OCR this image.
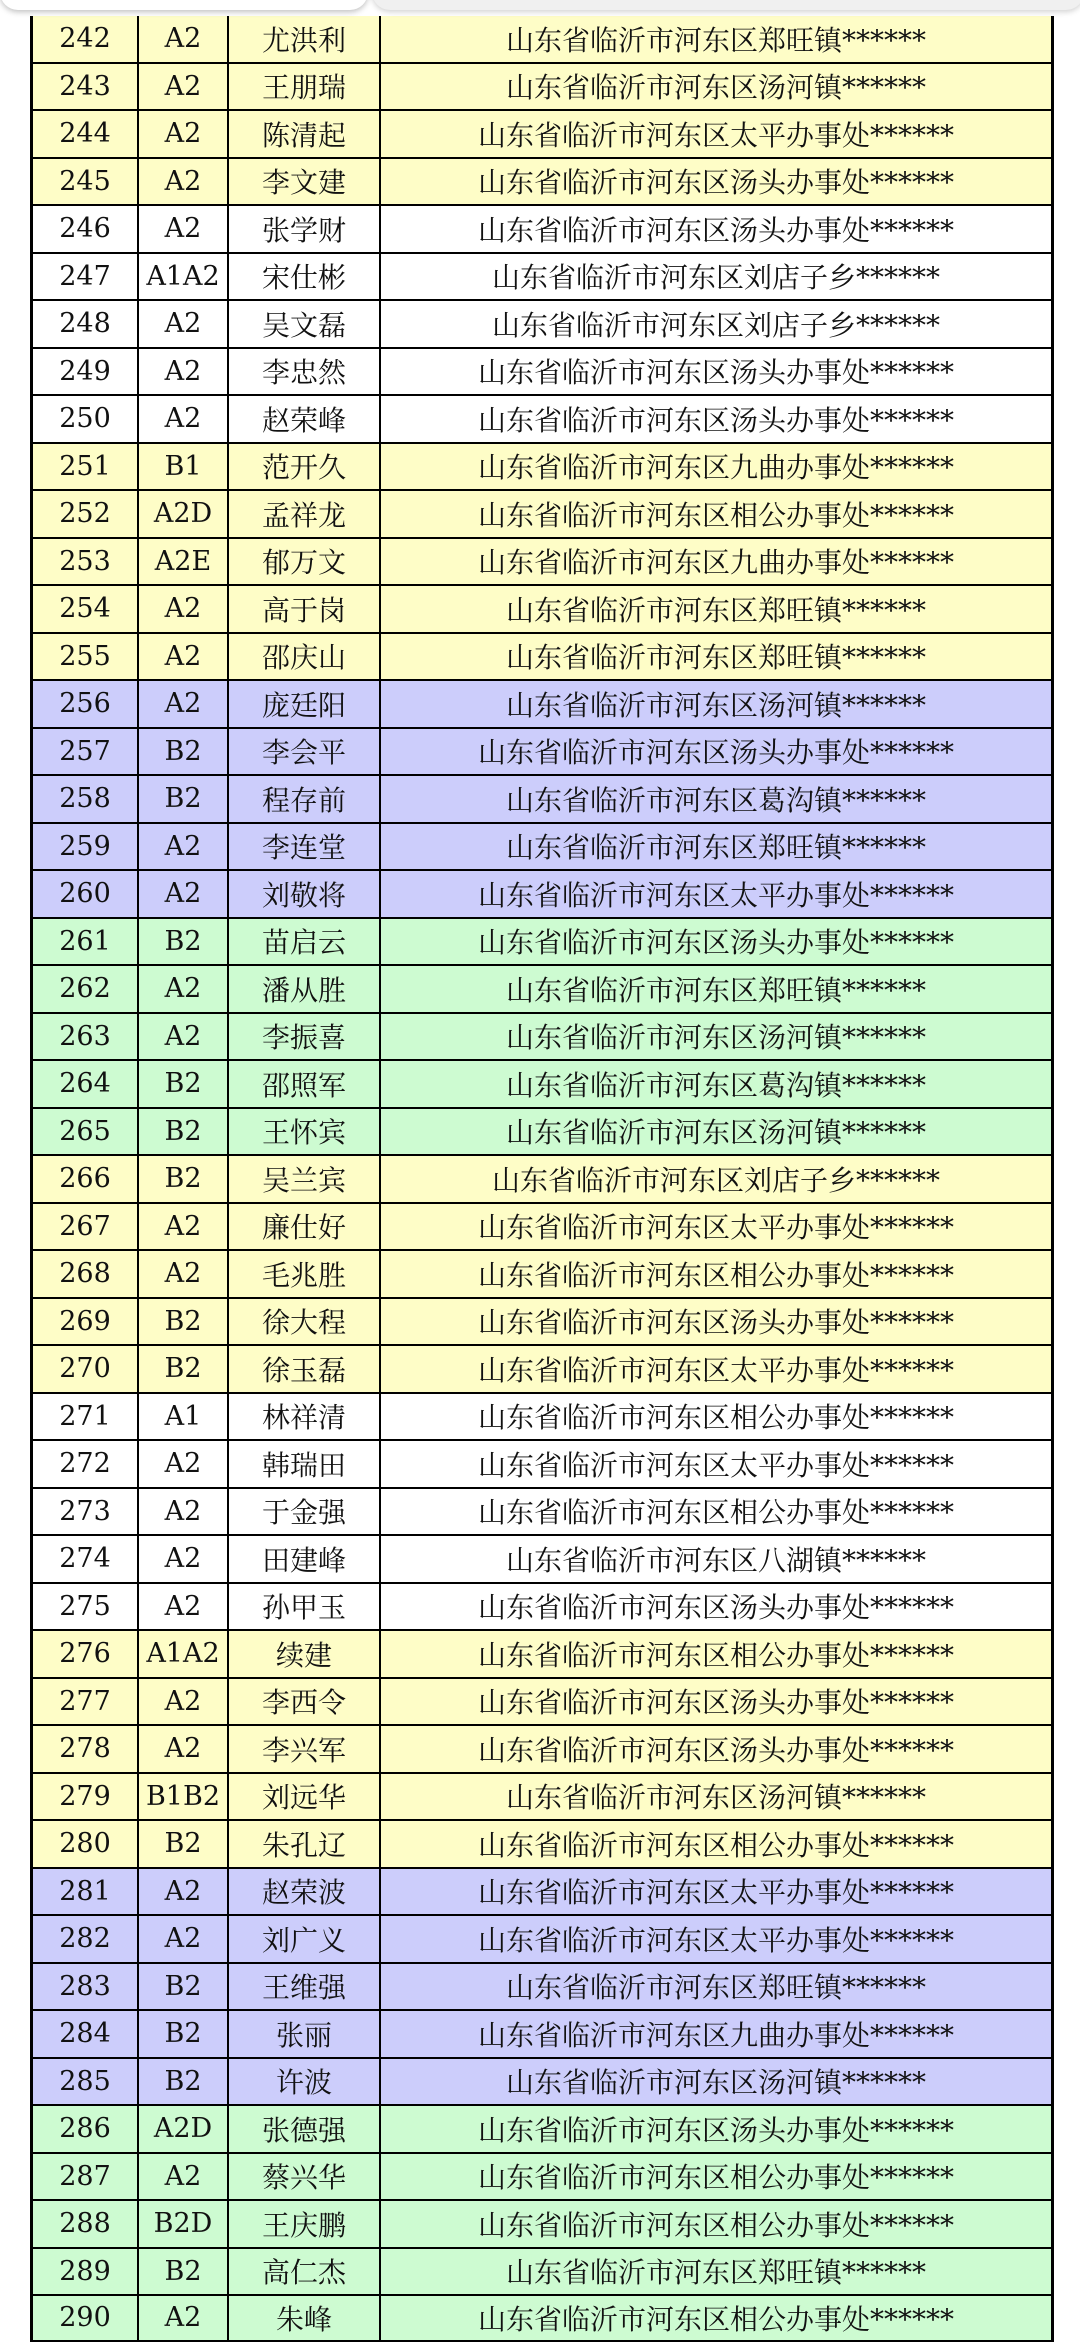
242	A2	尤洪利	山东省临沂市河东区郑旺镇******
243	A2	王朋瑞	山东省临沂市河东区汤河镇******
244	A2	陈清起	山东省临沂市河东区太平办事处******
245	A2	李文建	山东省临沂市河东区汤头办事处******
246	A2	张学财	山东省临沂市河东区汤头办事处******
247	A1A2	宋仕彬	山东省临沂市河东区刘店子乡******
248	A2	吴文磊	山东省临沂市河东区刘店子乡******
249	A2	李忠然	山东省临沂市河东区汤头办事处******
250	A2	赵荣峰	山东省临沂市河东区汤头办事处******
251	B1	范开久	山东省临沂市河东区九曲办事处******
252	A2D	孟祥龙	山东省临沂市河东区相公办事处******
253	A2E	郁万文	山东省临沂市河东区九曲办事处******
254	A2	高于岗	山东省临沂市河东区郑旺镇******
255	A2	邵庆山	山东省临沂市河东区郑旺镇******
256	A2	庞廷阳	山东省临沂市河东区汤河镇******
257	B2	李会平	山东省临沂市河东区汤头办事处******
258	B2	程存前	山东省临沂市河东区葛沟镇******
259	A2	李连堂	山东省临沂市河东区郑旺镇******
260	A2	刘敬将	山东省临沂市河东区太平办事处******
261	B2	苗启云	山东省临沂市河东区汤头办事处******
262	A2	潘从胜	山东省临沂市河东区郑旺镇******
263	A2	李振喜	山东省临沂市河东区汤河镇******
264	B2	邵照军	山东省临沂市河东区葛沟镇******
265	B2	王怀宾	山东省临沂市河东区汤河镇******
266	B2	吴兰宾	山东省临沂市河东区刘店子乡******
267	A2	廉仕好	山东省临沂市河东区太平办事处******
268	A2	毛兆胜	山东省临沂市河东区相公办事处******
269	B2	徐大程	山东省临沂市河东区汤头办事处******
270	B2	徐玉磊	山东省临沂市河东区太平办事处******
271	A1	林祥清	山东省临沂市河东区相公办事处******
272	A2	韩瑞田	山东省临沂市河东区太平办事处******
273	A2	于金强	山东省临沂市河东区相公办事处******
274	A2	田建峰	山东省临沂市河东区八湖镇******
275	A2	孙甲玉	山东省临沂市河东区汤头办事处******
276	A1A2	续建	山东省临沂市河东区相公办事处******
277	A2	李西令	山东省临沂市河东区汤头办事处******
278	A2	李兴军	山东省临沂市河东区汤头办事处******
279	B1B2	刘远华	山东省临沂市河东区汤河镇******
280	B2	朱孔辽	山东省临沂市河东区相公办事处******
281	A2	赵荣波	山东省临沂市河东区太平办事处******
282	A2	刘广义	山东省临沂市河东区太平办事处******
283	B2	王维强	山东省临沂市河东区郑旺镇******
284	B2	张丽	山东省临沂市河东区九曲办事处******
285	B2	许波	山东省临沂市河东区汤河镇******
286	A2D	张德强	山东省临沂市河东区汤头办事处******
287	A2	蔡兴华	山东省临沂市河东区相公办事处******
288	B2D	王庆鹏	山东省临沂市河东区相公办事处******
289	B2	高仁杰	山东省临沂市河东区郑旺镇******
290	A2	朱峰	山东省临沂市河东区相公办事处******
